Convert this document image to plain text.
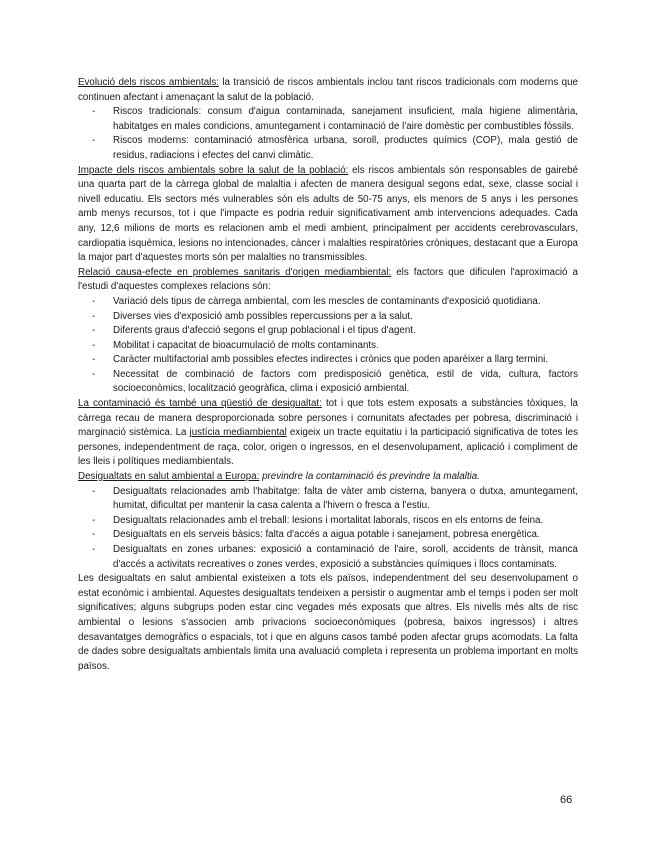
Evolució dels riscos ambientals: la transició de riscos ambientals inclou tant riscos tradicionals com moderns que continuen afectant i amenaçant la salut de la població.

- Riscos tradicionals: consum d'aigua contaminada, sanejament insuficient, mala higiene alimentària, habitatges en males condicions, amuntegament i contaminació de l'aire domèstic per combustibles fòssils.
- Riscos moderns: contaminació atmosfèrica urbana, soroll, productes químics (COP), mala gestió de residus, radiacions i efectes del canvi climàtic.

Impacte dels riscos ambientals sobre la salut de la població: els riscos ambientals són responsables de gairebé una quarta part de la càrrega global de malaltia i afecten de manera desigual segons edat, sexe, classe social i nivell educatiu. Els sectors més vulnerables són els adults de 50-75 anys, els menors de 5 anys i les persones amb menys recursos, tot i que l'impacte es podria reduir significativament amb intervencions adequades. Cada any, 12,6 milions de morts es relacionen amb el medi ambient, principalment per accidents cerebrovasculars, cardiopatia isquèmica, lesions no intencionades, càncer i malalties respiratòries cròniques, destacant que a Europa la major part d'aquestes morts són per malalties no transmissibles.

Relació causa-efecte en problemes sanitaris d'origen mediambiental: els factors que dificulen l'aproximació a l'estudi d'aquestes complexes relacions són:

- Variació dels tipus de càrrega ambiental, com les mescles de contaminants d'exposició quotidiana.
- Diverses vies d'exposició amb possibles repercussions per a la salut.
- Diferents graus d'afecció segons el grup poblacional i el tipus d'agent.
- Mobilitat i capacitat de bioacumulació de molts contaminants.
- Caràcter multifactorial amb possibles efectes indirectes i crònics que poden aparèixer a llarg termini.
- Necessitat de combinació de factors com predisposició genètica, estil de vida, cultura, factors socioeconòmics, localització geogràfica, clima i exposició ambiental.

La contaminació és també una qüestió de desigualtat: tot i que tots estem exposats a substàncies tòxiques, la càrrega recau de manera desproporcionada sobre persones i comunitats afectades per pobresa, discriminació i marginació sistèmica. La justícia mediambiental exigeix un tracte equitatiu i la participació significativa de totes les persones, independentment de raça, color, origen o ingressos, en el desenvolupament, aplicació i compliment de les lleis i polítiques mediambientals.

Desigualtats en salut ambiental a Europa: previndre la contaminació és previndre la malaltia.

- Desigualtats relacionades amb l'habitatge: falta de vàter amb cisterna, banyera o dutxa, amuntegament, humitat, dificultat per mantenir la casa calenta a l'hivern o fresca a l'estiu.
- Desigualtats relacionades amb el treball: lesions i mortalitat laborals, riscos en els entorns de feina.
- Desigualtats en els serveis bàsics: falta d'accés a aigua potable i sanejament, pobresa energètica.
- Desigualtats en zones urbanes: exposició a contaminació de l'aire, soroll, accidents de trànsit, manca d'accés a activitats recreatives o zones verdes, exposició a substàncies químiques i llocs contaminats.

Les desigualtats en salut ambiental existeixen a tots els països, independentment del seu desenvolupament o estat econòmic i ambiental. Aquestes desigualtats tendeixen a persistir o augmentar amb el temps i poden ser molt significatives; alguns subgrups poden estar cinc vegades més exposats que altres. Els nivells més alts de risc ambiental o lesions s'associen amb privacions socioeconòmiques (pobresa, baixos ingressos) i altres desavantatges demogràfics o espacials, tot i que en alguns casos també poden afectar grups acomodats. La falta de dades sobre desigualtats ambientals limita una avaluació completa i representa un problema important en molts països.

66
